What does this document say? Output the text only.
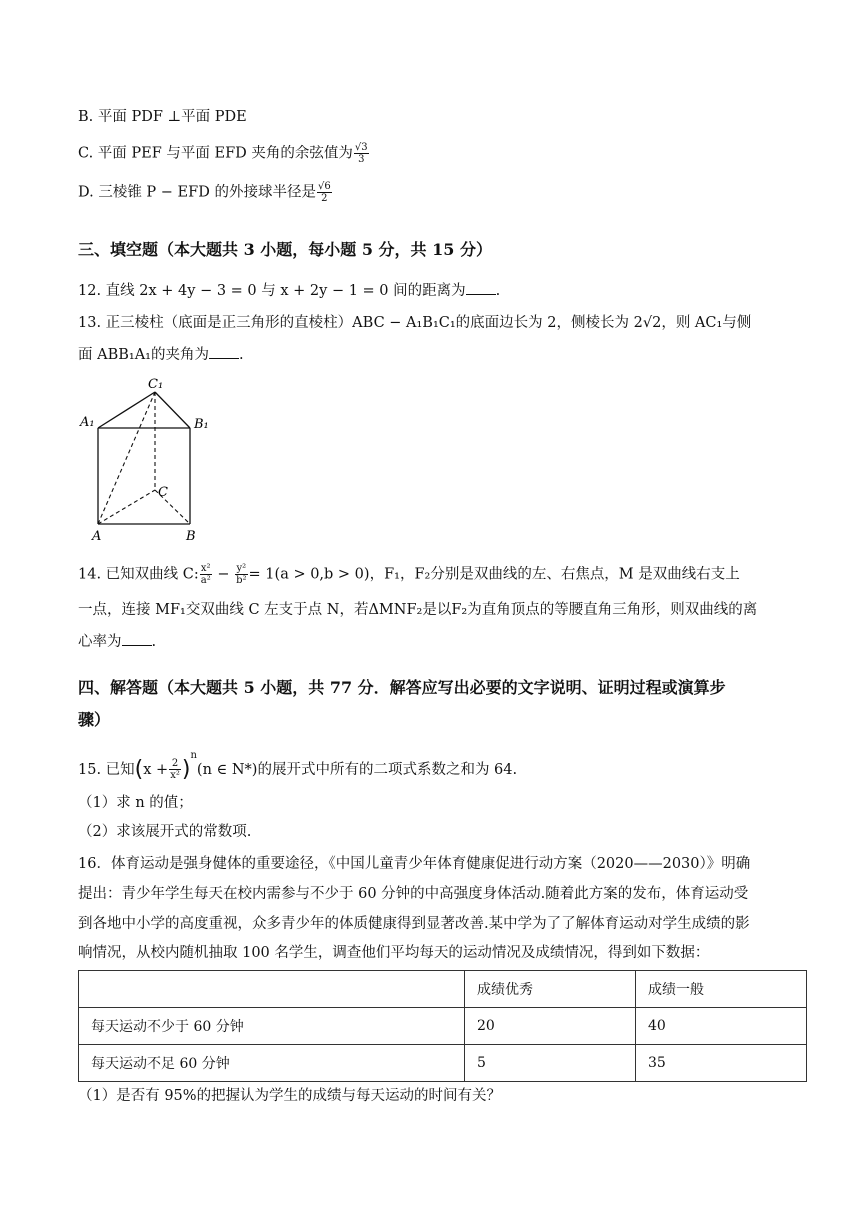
B. 平面 PDF ⊥平面 PDE
C. 平面 PEF 与平面 EFD 夹角的余弦值为 $\frac{√3}{3}$
D. 三棱锥 P − EFD 的外接球半径是 $\frac{√6}{2}$
三、填空题（本大题共 3 小题，每小题 5 分，共 15 分）
12. 直线 2x + 4y − 3 = 0 与 x + 2y − 1 = 0 间的距离为 .
13. 正三棱柱（底面是正三角形的直棱柱）ABC − A₁B₁C₁的底面边长为 2，侧棱长为 2√2，则 AC₁与侧
面 ABB₁A₁的夹角为 .
C₁
A₁	B₁
C
A	B
14. 已知双曲线 C: $\frac{\text{x²}}{\text{a²}} - \frac{\text{y²}}{\text{b²}} = 1(a > 0,b > 0)$，F₁，F₂分别是双曲线的左、右焦点，M 是双曲线右支上
一点，连接 MF₁交双曲线 C 左支于点 N，若ΔMNF₂是以F₂为直角顶点的等腰直角三角形，则双曲线的离
心率为 .
四、解答题（本大题共 5 小题，共 77 分．解答应写出必要的文字说明、证明过程或演算步
骤）
15. 已知$(x + \frac{2}{\text{x²}} )^n(n$ ∈ N*)的展开式中所有的二项式系数之和为 64.
（1）求 n 的值；
（2）求该展开式的常数项.
16．体育运动是强身健体的重要途径，《中国儿童青少年体育健康促进行动方案（2020——2030）》明确
提出：青少年学生每天在校内需参与不少于 60 分钟的中高强度身体活动.随着此方案的发布，体育运动受
到各地中小学的高度重视，众多青少年的体质健康得到显著改善.某中学为了了解体育运动对学生成绩的影
响情况，从校内随机抽取 100 名学生，调查他们平均每天的运动情况及成绩情况，得到如下数据：
	成绩优秀	成绩一般
每天运动不少于 60 分钟	20	40
每天运动不足 60 分钟	5	35
（1）是否有 95%的把握认为学生的成绩与每天运动的时间有关？
